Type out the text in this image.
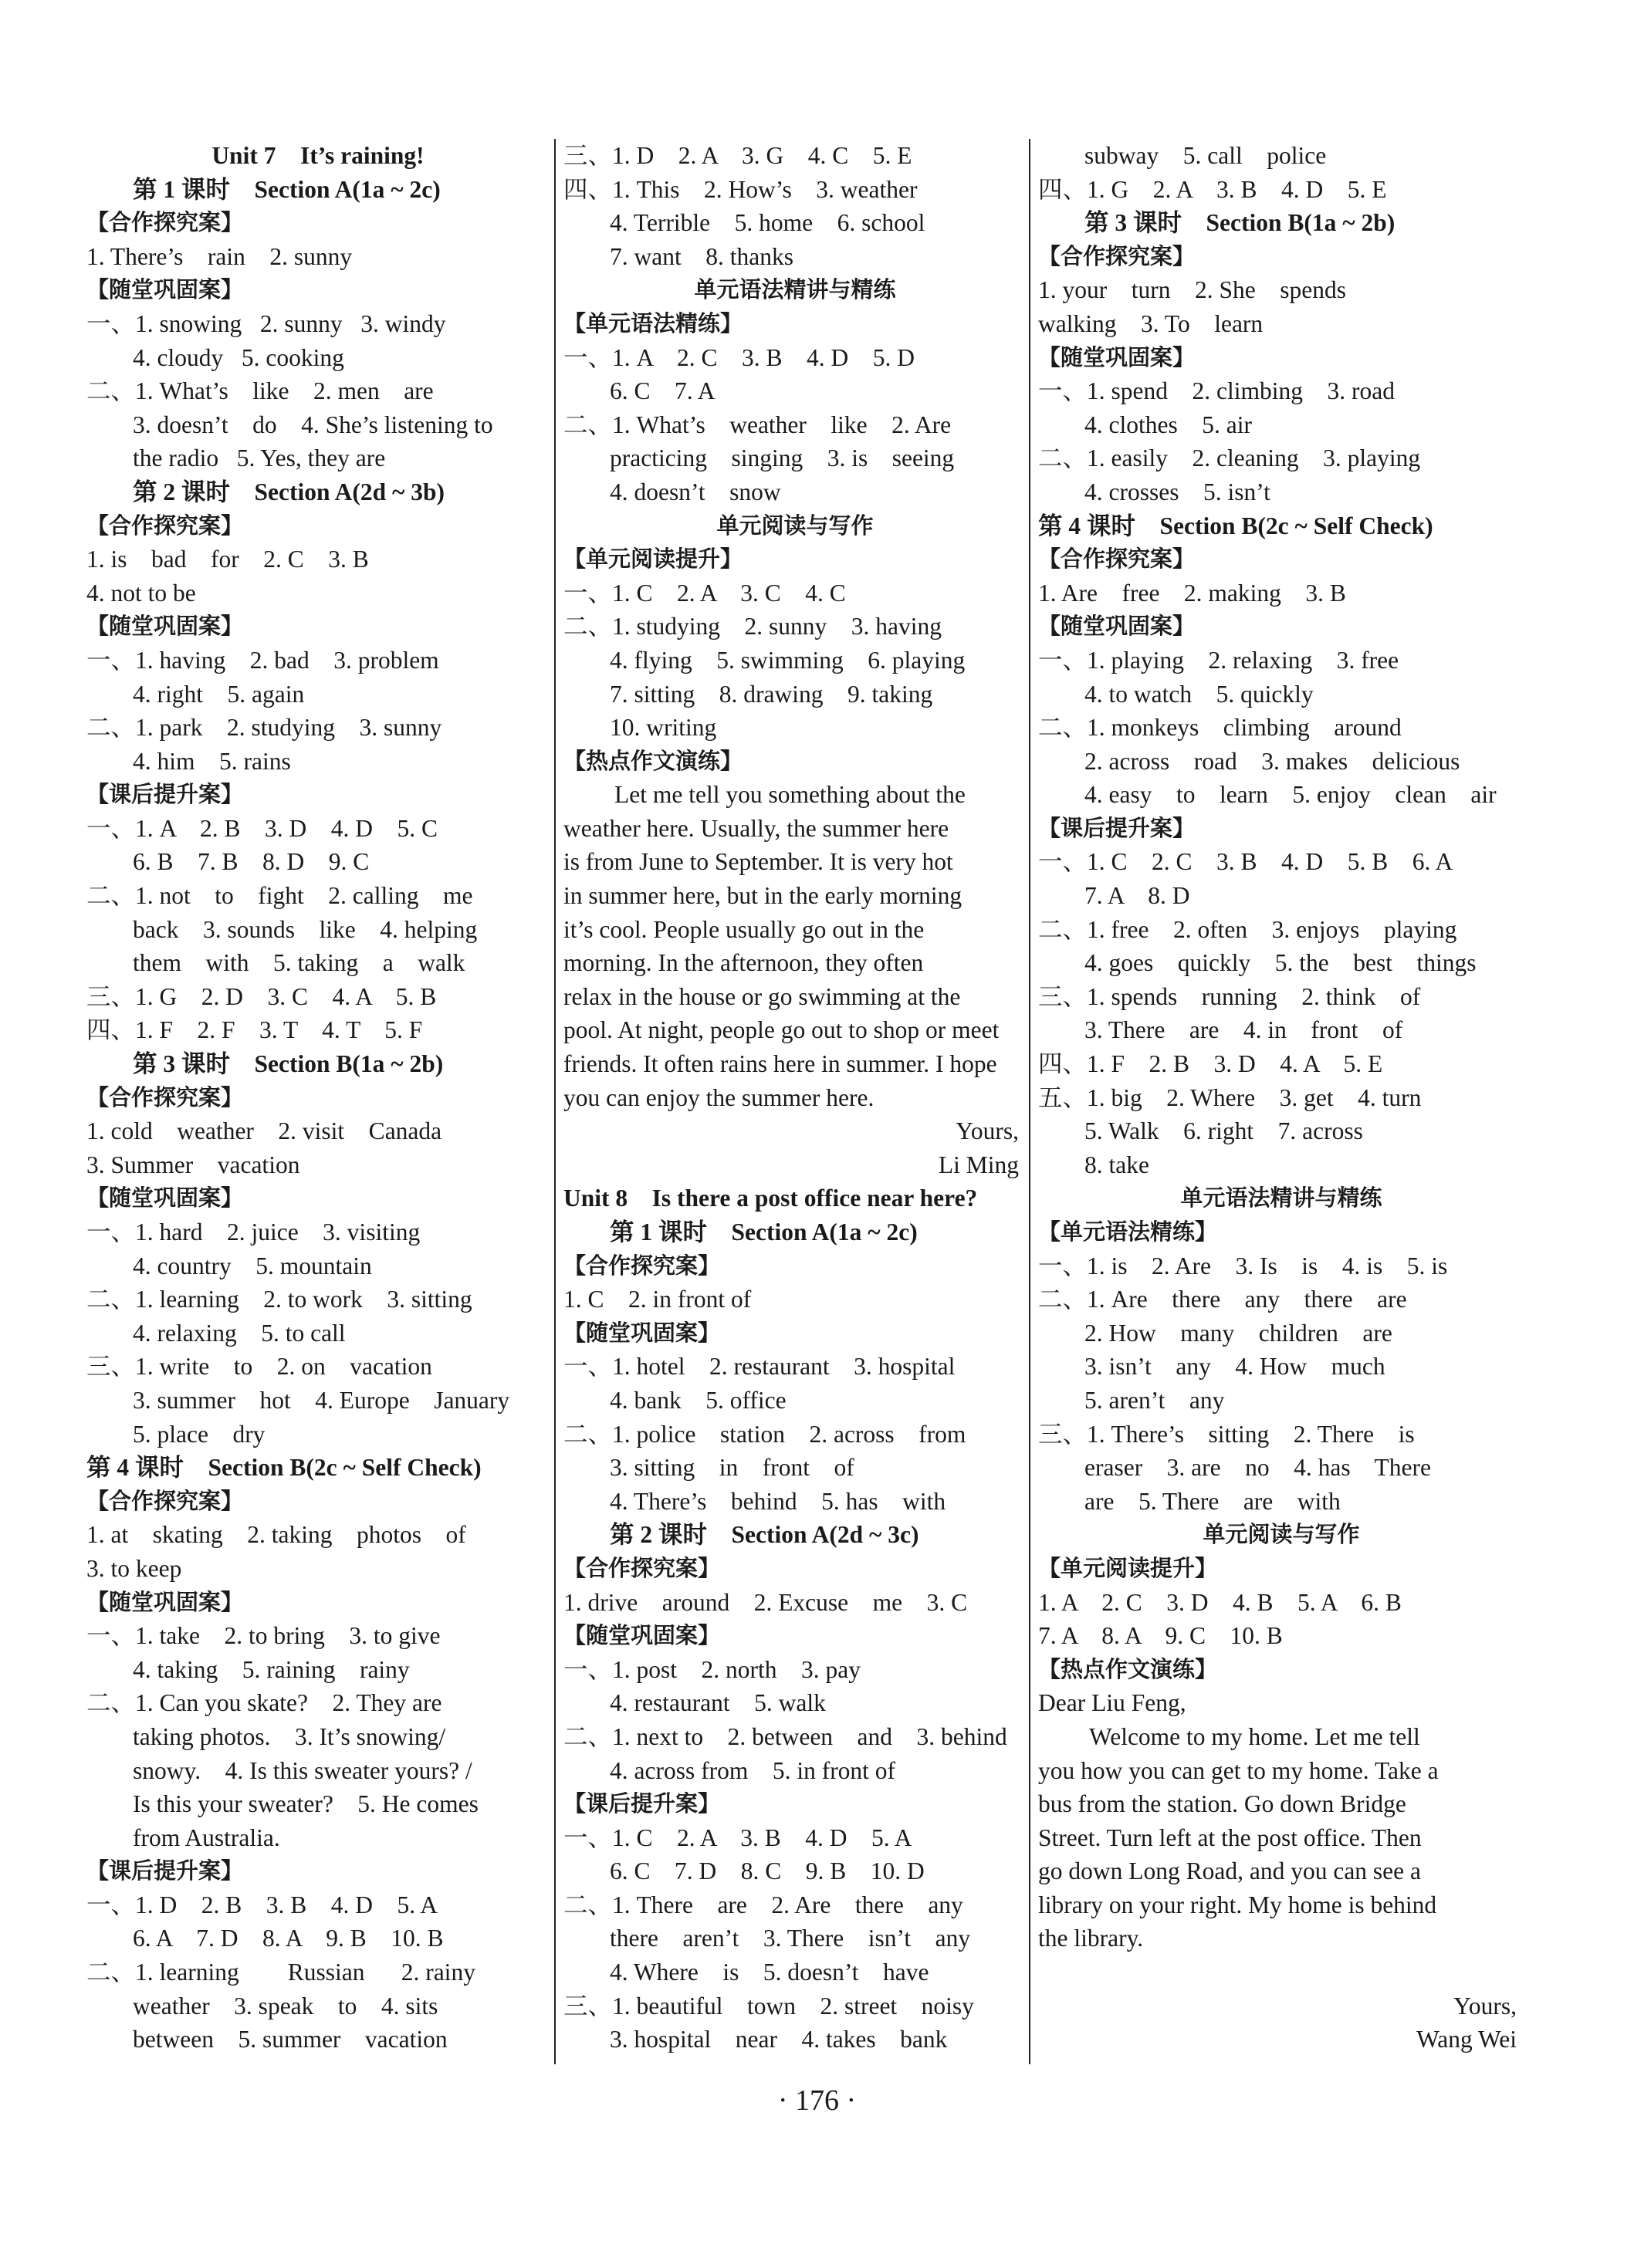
Unit 7    It’s raining!
第 1 课时    Section A(1a ~ 2c)
【合作探究案】
1. There’s    rain    2. sunny
【随堂巩固案】
一、1. snowing   2. sunny   3. windy
4. cloudy   5. cooking
二、1. What’s    like    2. men    are
3. doesn’t    do    4. She’s listening to
the radio   5. Yes, they are
第 2 课时    Section A(2d ~ 3b)
【合作探究案】
1. is    bad    for    2. C    3. B
4. not to be
【随堂巩固案】
一、1. having    2. bad    3. problem
4. right    5. again
二、1. park    2. studying    3. sunny
4. him    5. rains
【课后提升案】
一、1. A    2. B    3. D    4. D    5. C
6. B    7. B    8. D    9. C
二、1. not    to    fight    2. calling    me
back    3. sounds    like    4. helping
them    with    5. taking    a    walk
三、1. G    2. D    3. C    4. A    5. B
四、1. F    2. F    3. T    4. T    5. F
第 3 课时    Section B(1a ~ 2b)
【合作探究案】
1. cold    weather    2. visit    Canada
3. Summer    vacation
【随堂巩固案】
一、1. hard    2. juice    3. visiting
4. country    5. mountain
二、1. learning    2. to work    3. sitting
4. relaxing    5. to call
三、1. write    to    2. on    vacation
3. summer    hot    4. Europe    January
5. place    dry
第 4 课时    Section B(2c ~ Self Check)
【合作探究案】
1. at    skating    2. taking    photos    of
3. to keep
【随堂巩固案】
一、1. take    2. to bring    3. to give
4. taking    5. raining    rainy
二、1. Can you skate?    2. They are
taking photos.    3. It’s snowing/
snowy.    4. Is this sweater yours? /
Is this your sweater?    5. He comes
from Australia.
【课后提升案】
一、1. D    2. B    3. B    4. D    5. A
6. A    7. D    8. A    9. B    10. B
二、1. learning        Russian      2. rainy
weather    3. speak    to    4. sits
between    5. summer    vacation
三、1. D    2. A    3. G    4. C    5. E
四、1. This    2. How’s    3. weather
4. Terrible    5. home    6. school
7. want    8. thanks
单元语法精讲与精练
【单元语法精练】
一、1. A    2. C    3. B    4. D    5. D
6. C    7. A
二、1. What’s    weather    like    2. Are
practicing    singing    3. is    seeing
4. doesn’t    snow
单元阅读与写作
【单元阅读提升】
一、1. C    2. A    3. C    4. C
二、1. studying    2. sunny    3. having
4. flying    5. swimming    6. playing
7. sitting    8. drawing    9. taking
10. writing
【热点作文演练】
Let me tell you something about the
weather here. Usually, the summer here
is from June to September. It is very hot
in summer here, but in the early morning
it’s cool. People usually go out in the
morning. In the afternoon, they often
relax in the house or go swimming at the
pool. At night, people go out to shop or meet
friends. It often rains here in summer. I hope
you can enjoy the summer here.
Yours,
Li Ming
Unit 8    Is there a post office near here?
第 1 课时    Section A(1a ~ 2c)
【合作探究案】
1. C    2. in front of
【随堂巩固案】
一、1. hotel    2. restaurant    3. hospital
4. bank    5. office
二、1. police    station    2. across    from
3. sitting    in    front    of
4. There’s    behind    5. has    with
第 2 课时    Section A(2d ~ 3c)
【合作探究案】
1. drive    around    2. Excuse    me    3. C
【随堂巩固案】
一、1. post    2. north    3. pay
4. restaurant    5. walk
二、1. next to    2. between    and    3. behind
4. across from    5. in front of
【课后提升案】
一、1. C    2. A    3. B    4. D    5. A
6. C    7. D    8. C    9. B    10. D
二、1. There    are    2. Are    there    any
there    aren’t    3. There    isn’t    any
4. Where    is    5. doesn’t    have
三、1. beautiful    town    2. street    noisy
3. hospital    near    4. takes    bank
subway    5. call    police
四、1. G    2. A    3. B    4. D    5. E
第 3 课时    Section B(1a ~ 2b)
【合作探究案】
1. your    turn    2. She    spends
walking    3. To    learn
【随堂巩固案】
一、1. spend    2. climbing    3. road
4. clothes    5. air
二、1. easily    2. cleaning    3. playing
4. crosses    5. isn’t
第 4 课时    Section B(2c ~ Self Check)
【合作探究案】
1. Are    free    2. making    3. B
【随堂巩固案】
一、1. playing    2. relaxing    3. free
4. to watch    5. quickly
二、1. monkeys    climbing    around
2. across    road    3. makes    delicious
4. easy    to    learn    5. enjoy    clean    air
【课后提升案】
一、1. C    2. C    3. B    4. D    5. B    6. A
7. A    8. D
二、1. free    2. often    3. enjoys    playing
4. goes    quickly    5. the    best    things
三、1. spends    running    2. think    of
3. There    are    4. in    front    of
四、1. F    2. B    3. D    4. A    5. E
五、1. big    2. Where    3. get    4. turn
5. Walk    6. right    7. across
8. take
单元语法精讲与精练
【单元语法精练】
一、1. is    2. Are    3. Is    is    4. is    5. is
二、1. Are    there    any    there    are
2. How    many    children    are
3. isn’t    any    4. How    much
5. aren’t    any
三、1. There’s    sitting    2. There    is
eraser    3. are    no    4. has    There
are    5. There    are    with
单元阅读与写作
【单元阅读提升】
1. A    2. C    3. D    4. B    5. A    6. B
7. A    8. A    9. C    10. B
【热点作文演练】
Dear Liu Feng,
Welcome to my home. Let me tell
you how you can get to my home. Take a
bus from the station. Go down Bridge
Street. Turn left at the post office. Then
go down Long Road, and you can see a
library on your right. My home is behind
the library.
Yours,
Wang Wei
· 176 ·
